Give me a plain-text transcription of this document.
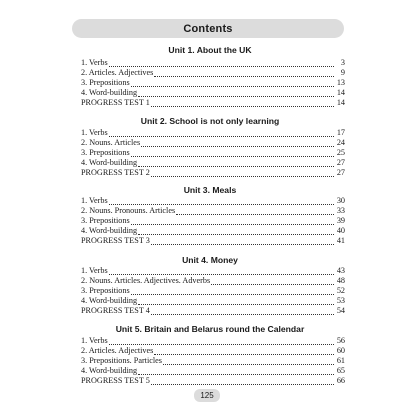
Contents
Unit 1. About the UK
1. Verbs	3
2. Articles. Adjectives	9
3. Prepositions	13
4. Word-building	14
PROGRESS TEST 1	14
Unit 2. School is not only learning
1. Verbs	17
2. Nouns. Articles	24
3. Prepositions	25
4. Word-building	27
PROGRESS TEST 2	27
Unit 3. Meals
1. Verbs	30
2. Nouns. Pronouns. Articles	33
3. Prepositions	39
4. Word-building	40
PROGRESS TEST 3	41
Unit 4. Money
1. Verbs	43
2. Nouns. Articles. Adjectives. Adverbs	48
3. Prepositions	52
4. Word-building	53
PROGRESS TEST 4	54
Unit 5. Britain and Belarus round the Calendar
1. Verbs	56
2. Articles. Adjectives	60
3. Prepositions. Particles	61
4. Word-building	65
PROGRESS TEST 5	66
125
